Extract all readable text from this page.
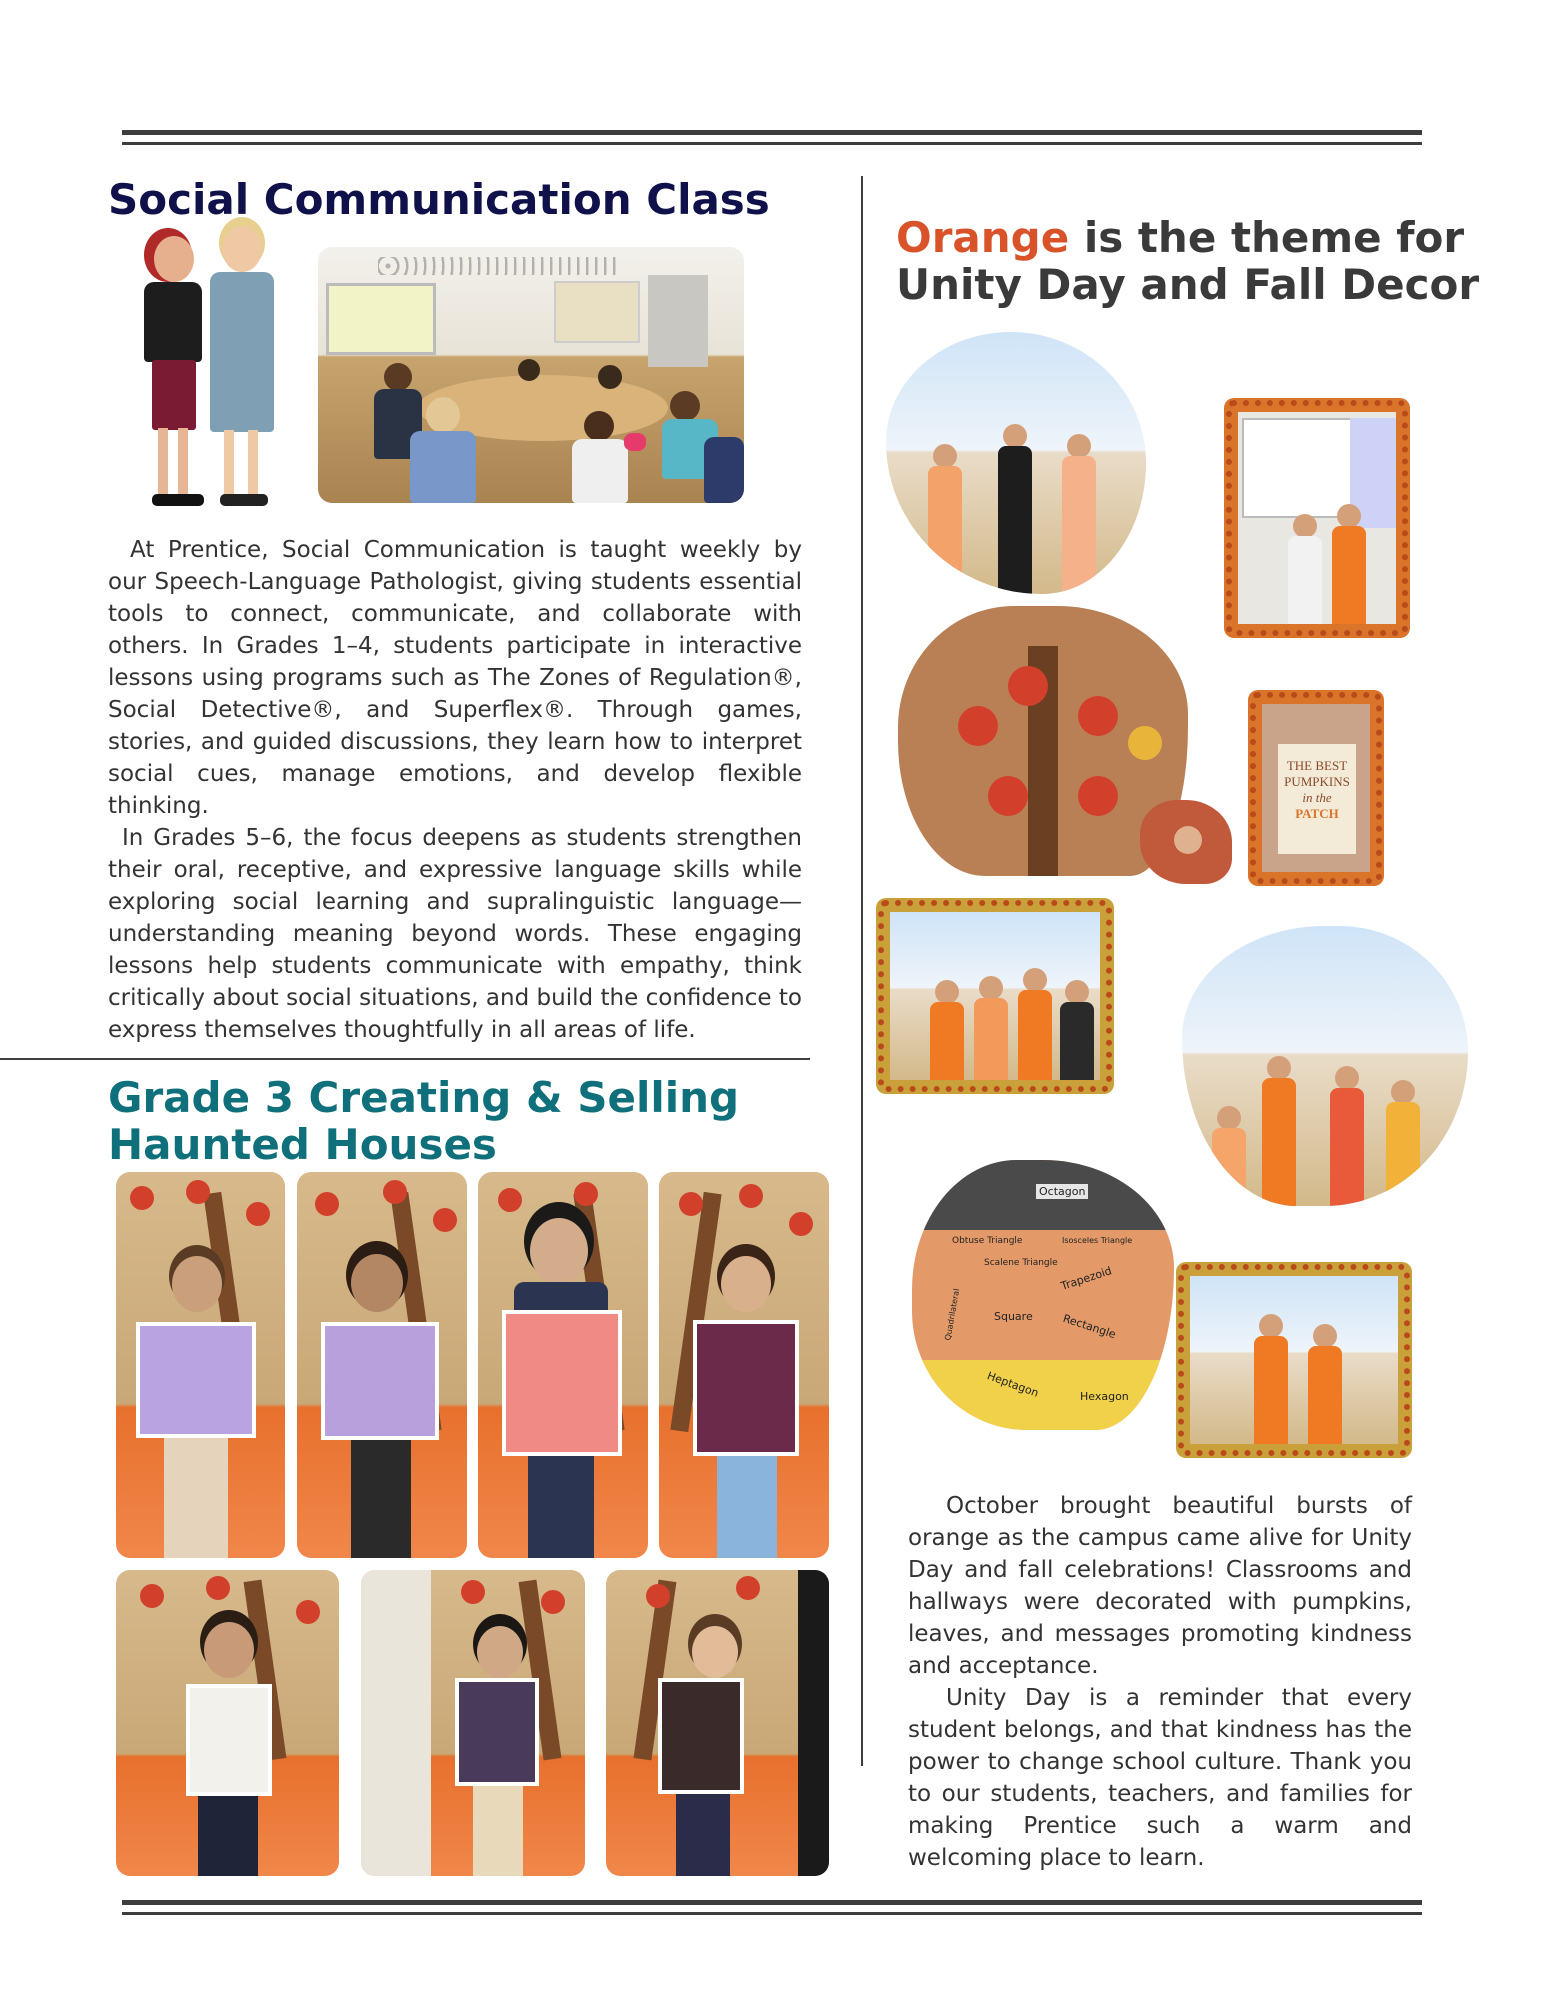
Social Communication Class

At Prentice, Social Communication is taught weekly by our Speech-Language Pathologist, giving students essential tools to connect, communicate, and collaborate with others. In Grades 1–4, students participate in interactive lessons using programs such as The Zones of Regulation®, Social Detective®, and Superflex®. Through games, stories, and guided discussions, they learn how to interpret social cues, manage emotions, and develop flexible thinking.

In Grades 5–6, the focus deepens as students strengthen their oral, receptive, and expressive language skills while exploring social learning and supralinguistic language—understanding meaning beyond words. These engaging lessons help students communicate with empathy, think critically about social situations, and build the confidence to express themselves thoughtfully in all areas of life.

Grade 3 Creating & Selling
Haunted Houses
Orange is the theme for
Unity Day and Fall Decor
THE BEST
PUMPKINS
in the
PATCH
Octagon
Obtuse Triangle
Scalene Triangle
Isosceles Triangle
Trapezoid
Square	Rectangle
Heptagon	Hexagon
Quadrilateral

October brought beautiful bursts of orange as the campus came alive for Unity Day and fall celebrations! Classrooms and hallways were decorated with pumpkins, leaves, and messages promoting kindness and acceptance.

Unity Day is a reminder that every student belongs, and that kindness has the power to change school culture. Thank you to our students, teachers, and families for making Prentice such a warm and welcoming place to learn.
